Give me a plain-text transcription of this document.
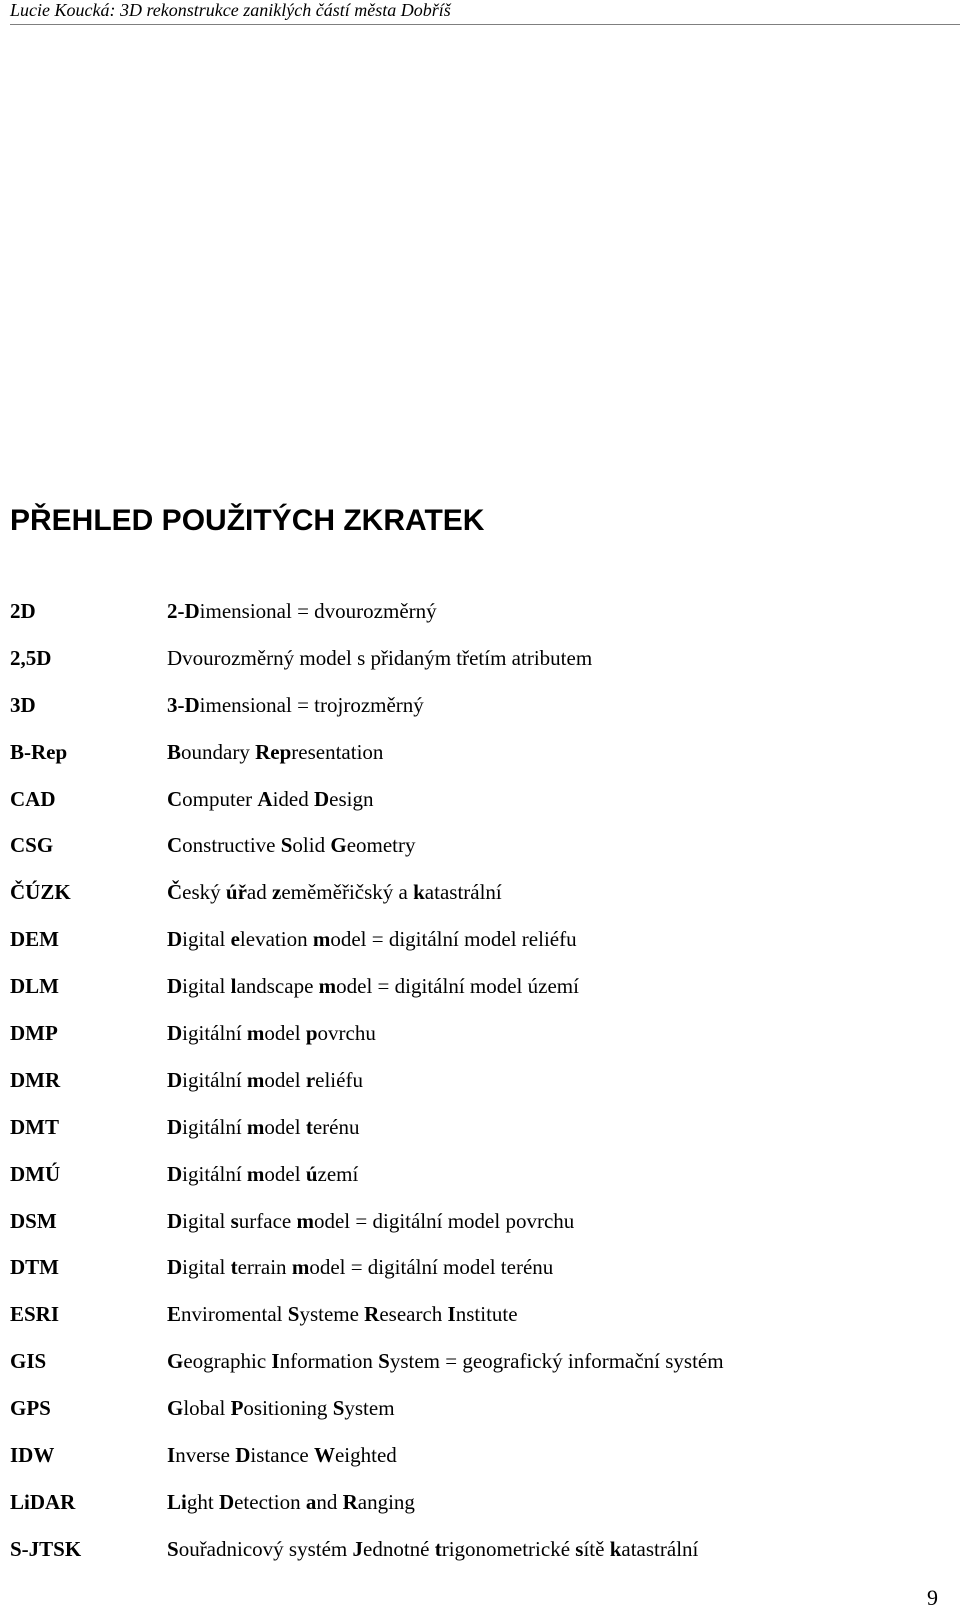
Lucie Koucká: 3D rekonstrukce zaniklých částí města Dobříš
PŘEHLED POUŽITÝCH ZKRATEK
2D	2-Dimensional = dvourozměrný
2,5D	Dvourozměrný model s přidaným třetím atributem
3D	3-Dimensional = trojrozměrný
B-Rep	Boundary Representation
CAD	Computer Aided Design
CSG	Constructive Solid Geometry
ČÚZK	Český úřad zeměměřičský a katastrální
DEM	Digital elevation model = digitální model reliéfu
DLM	Digital landscape model = digitální model území
DMP	Digitální model povrchu
DMR	Digitální model reliéfu
DMT	Digitální model terénu
DMÚ	Digitální model území
DSM	Digital surface model = digitální model povrchu
DTM	Digital terrain model = digitální model terénu
ESRI	Enviromental Systeme Research Institute
GIS	Geographic Information System = geografický informační systém
GPS	Global Positioning System
IDW	Inverse Distance Weighted
LiDAR	Light Detection and Ranging
S-JTSK	Souřadnicový systém Jednotné trigonometrické sítě katastrální
9
